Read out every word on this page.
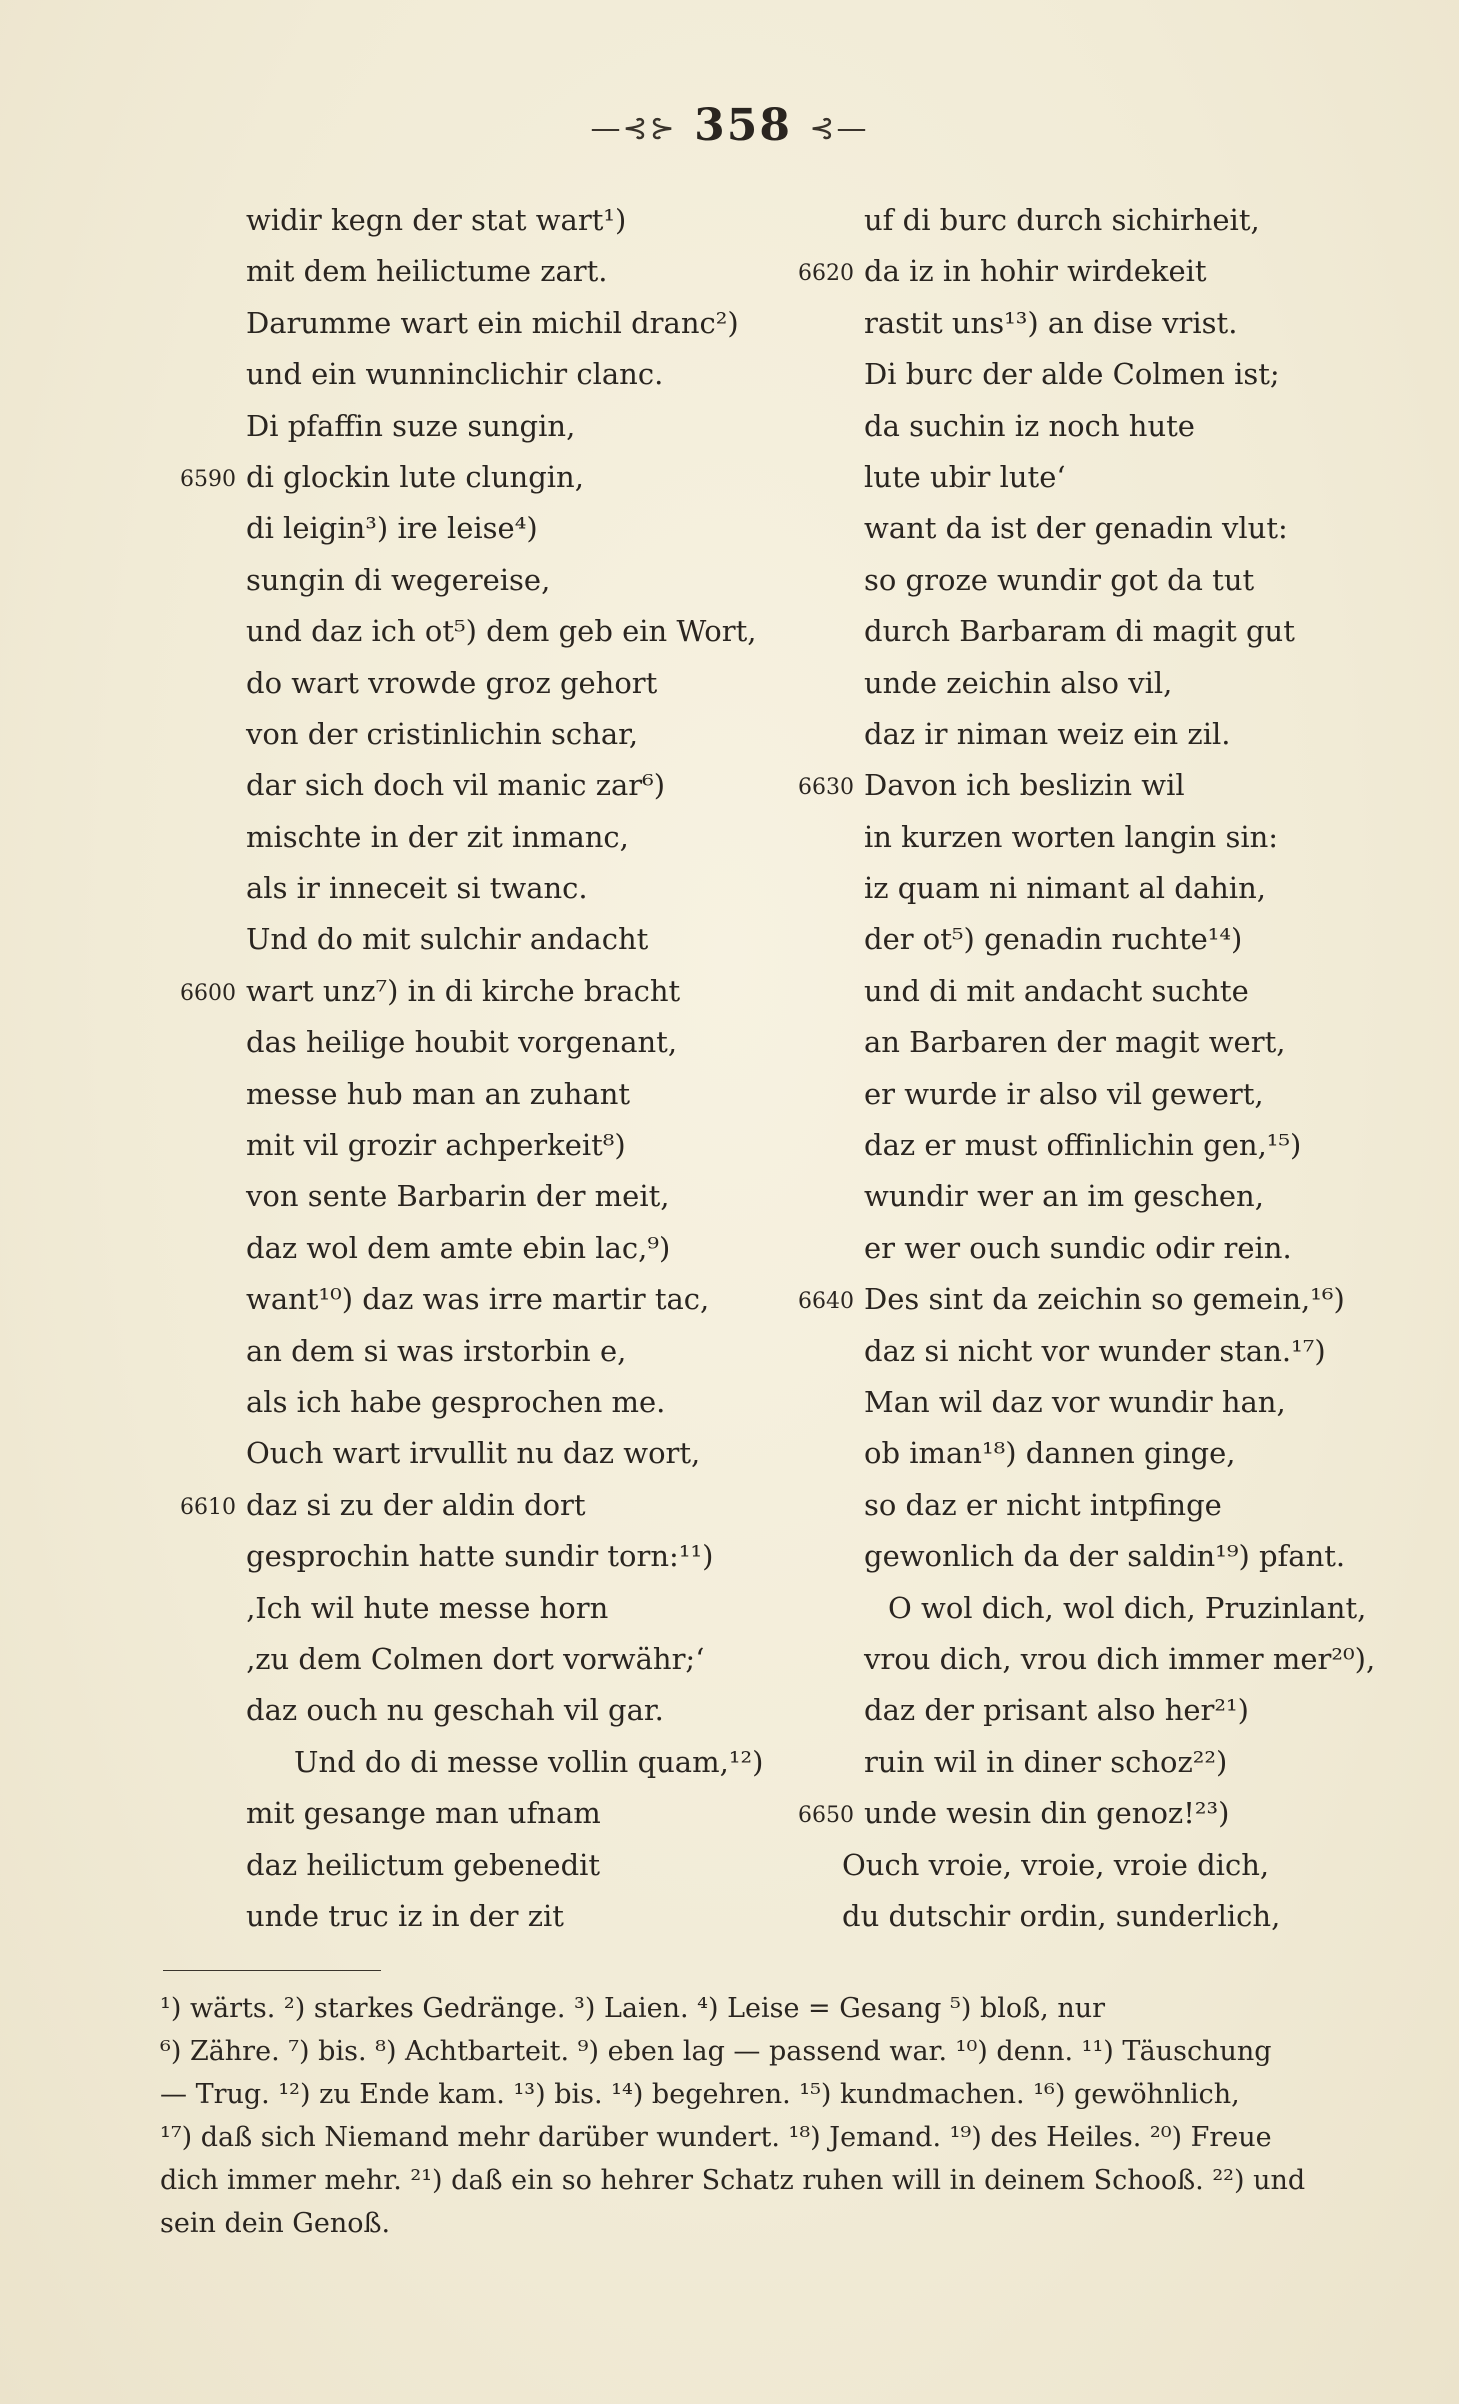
—⊰⊱ 358 ⊰—
widir kegn der stat wart¹)
mit dem heilictume zart.
Darumme wart ein michil dranc²)
und ein wunninclichir clanc.
Di pfaffin suze sungin,
6590 di glockin lute clungin,
di leigin³) ire leise⁴)
sungin di wegereise,
und daz ich ot⁵) dem geb ein Wort,
do wart vrowde groz gehort
von der cristinlichin schar,
dar sich doch vil manic zar⁶)
mischte in der zit inmanc,
als ir inneceit si twanc.
Und do mit sulchir andacht
6600 wart unz⁷) in di kirche bracht
das heilige houbit vorgenant,
messe hub man an zuhant
mit vil grozir achperkeit⁸)
von sente Barbarin der meit,
daz wol dem amte ebin lac,⁹)
want¹⁰) daz was irre martir tac,
an dem si was irstorbin e,
als ich habe gesprochen me.
Ouch wart irvullit nu daz wort,
6610 daz si zu der aldin dort
gesprochin hatte sundir torn:¹¹)
‚Ich wil hute messe horn
‚zu dem Colmen dort vorwähr;‘
daz ouch nu geschah vil gar.
Und do di messe vollin quam,¹²)
mit gesange man ufnam
daz heilictum gebenedit
unde truc iz in der zit
uf di burc durch sichirheit,
6620 da iz in hohir wirdekeit
rastit uns¹³) an dise vrist.
Di burc der alde Colmen ist;
da suchin iz noch hute
lute ubir lute‘
want da ist der genadin vlut:
so groze wundir got da tut
durch Barbaram di magit gut
unde zeichin also vil,
daz ir niman weiz ein zil.
6630 Davon ich beslizin wil
in kurzen worten langin sin:
iz quam ni nimant al dahin,
der ot⁵) genadin ruchte¹⁴)
und di mit andacht suchte
an Barbaren der magit wert,
er wurde ir also vil gewert,
daz er must offinlichin gen,¹⁵)
wundir wer an im geschen,
er wer ouch sundic odir rein.
6640 Des sint da zeichin so gemein,¹⁶)
daz si nicht vor wunder stan.¹⁷)
Man wil daz vor wundir han,
ob iman¹⁸) dannen ginge,
so daz er nicht intpfinge
gewonlich da der saldin¹⁹) pfant.
O wol dich, wol dich, Pruzinlant,
vrou dich, vrou dich immer mer²⁰),
daz der prisant also her²¹)
ruin wil in diner schoz²²)
6650 unde wesin din genoz!²³)
Ouch vroie, vroie, vroie dich,
du dutschir ordin, sunderlich,
¹) wärts. ²) starkes Gedränge. ³) Laien. ⁴) Leise = Gesang ⁵) bloß, nur
⁶) Zähre. ⁷) bis. ⁸) Achtbarteit. ⁹) eben lag — passend war. ¹⁰) denn. ¹¹) Täuschung
— Trug. ¹²) zu Ende kam. ¹³) bis. ¹⁴) begehren. ¹⁵) kundmachen. ¹⁶) gewöhnlich,
¹⁷) daß sich Niemand mehr darüber wundert. ¹⁸) Jemand. ¹⁹) des Heiles. ²⁰) Freue
dich immer mehr. ²¹) daß ein so hehrer Schatz ruhen will in deinem Schooß. ²²) und
sein dein Genoß.
